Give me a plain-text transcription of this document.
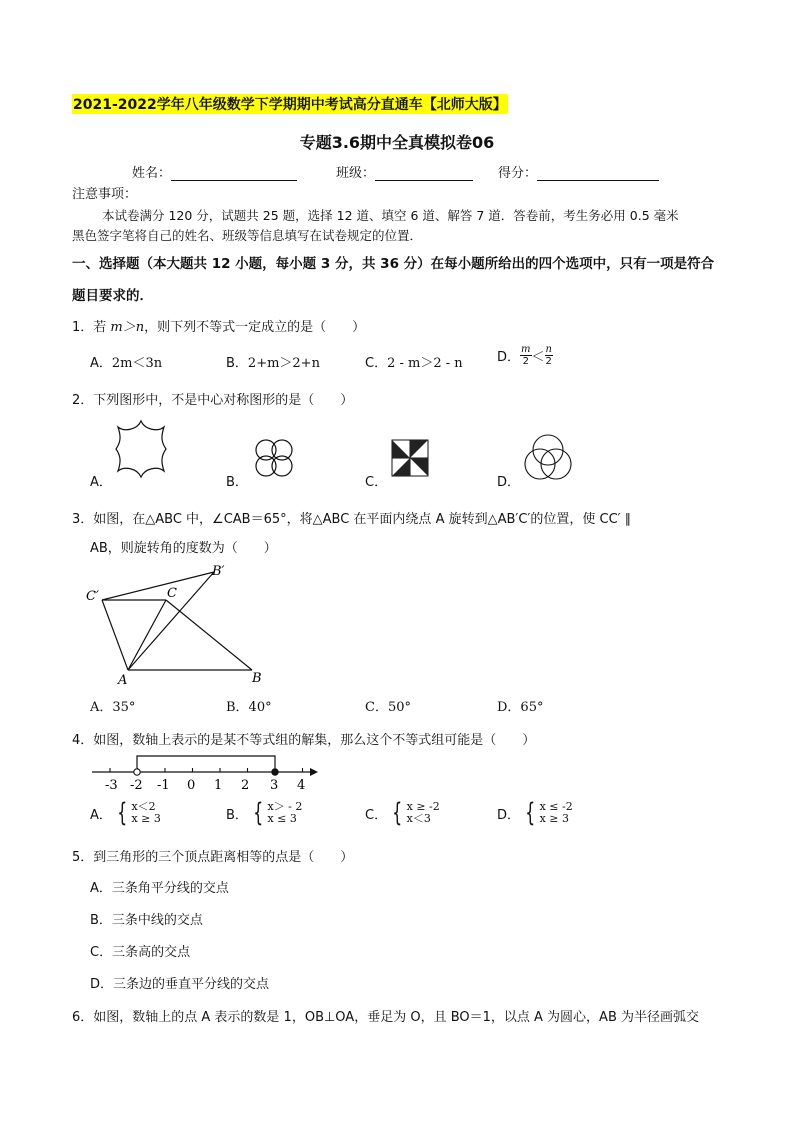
2021-2022学年八年级数学下学期期中考试高分直通车【北师大版】
专题3.6期中全真模拟卷06
姓名：	班级：	得分：
注意事项：
本试卷满分 120 分，试题共 25 题，选择 12 道、填空 6 道、解答 7 道．答卷前，考生务必用 0.5 毫米
黑色签字笔将自己的姓名、班级等信息填写在试卷规定的位置．
一、选择题（本大题共 12 小题，每小题 3 分，共 36 分）在每小题所给出的四个选项中，只有一项是符合
题目要求的．
1．若 m＞n，则下列不等式一定成立的是（　　）
A．2m＜3n	B．2+m＞2+n	C．2 - m＞2 - n	D． $\frac{m}{2} < \frac{n}{2}$
2．下列图形中，不是中心对称图形的是（　　）
A．	B．	C．	D．
3．如图，在△ABC 中，∠CAB＝65°，将△ABC 在平面内绕点 A 旋转到△AB′C′的位置，使 CC′ ∥
AB，则旋转角的度数为（　　）
C′	C
B′
A	B
A．35°	B．40°	C．50°	D．65°
4．如图，数轴上表示的是某不等式组的解集，那么这个不等式组可能是（　　）
-3 -2 -1 0 1 2 3 4
A． { x＜2
x ≥ 3	B． { x＞ - 2
x ≤ 3	C． { x ≥ -2
x＜3	D． { x ≤ -2
x ≥ 3
5．到三角形的三个顶点距离相等的点是（　　）
A．三条角平分线的交点
B．三条中线的交点
C．三条高的交点
D．三条边的垂直平分线的交点
6．如图，数轴上的点 A 表示的数是 1，OB⊥OA，垂足为 O，且 BO＝1，以点 A 为圆心，AB 为半径画弧交
